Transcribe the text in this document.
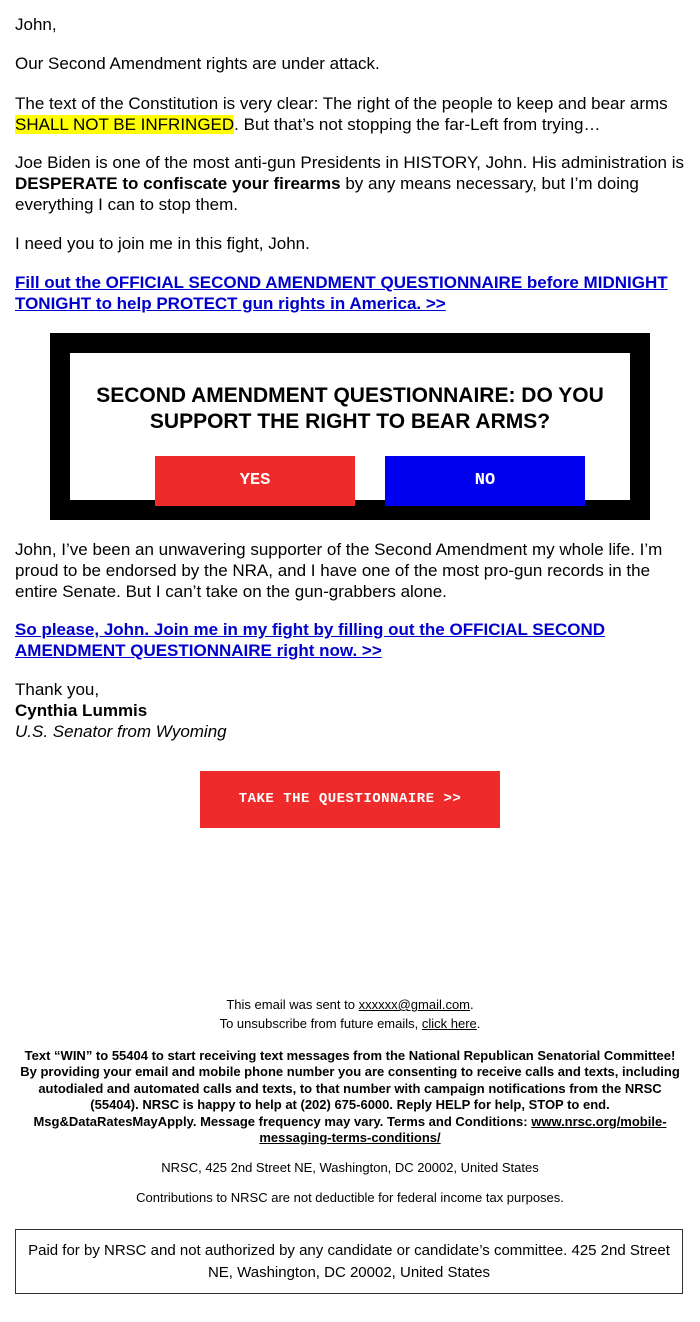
John,

Our Second Amendment rights are under attack.

The text of the Constitution is very clear: The right of the people to keep and bear arms SHALL NOT BE INFRINGED. But that’s not stopping the far-Left from trying…

Joe Biden is one of the most anti-gun Presidents in HISTORY, John. His administration is DESPERATE to confiscate your firearms by any means necessary, but I’m doing everything I can to stop them.

I need you to join me in this fight, John.

Fill out the OFFICIAL SECOND AMENDMENT QUESTIONNAIRE before MIDNIGHT TONIGHT to help PROTECT gun rights in America. >>

John, I’ve been an unwavering supporter of the Second Amendment my whole life. I’m proud to be endorsed by the NRA, and I have one of the most pro-gun records in the entire Senate. But I can’t take on the gun-grabbers alone.

So please, John. Join me in my fight by filling out the OFFICIAL SECOND AMENDMENT QUESTIONNAIRE right now. >>

Thank you,
Cynthia Lummis
U.S. Senator from Wyoming

SECOND AMENDMENT QUESTIONNAIRE: DO YOU SUPPORT THE RIGHT TO BEAR ARMS?

YES	NO
TAKE THE QUESTIONNAIRE >>

This email was sent to xxxxxx@gmail.com.

To unsubscribe from future emails, click here.

Text “WIN” to 55404 to start receiving text messages from the National Republican Senatorial Committee! By providing your email and mobile phone number you are consenting to receive calls and texts, including autodialed and automated calls and texts, to that number with campaign notifications from the NRSC (55404). NRSC is happy to help at (202) 675-6000. Reply HELP for help, STOP to end. Msg&DataRatesMayApply. Message frequency may vary. Terms and Conditions: www.nrsc.org/mobile-messaging-terms-conditions/

NRSC, 425 2nd Street NE, Washington, DC 20002, United States

Contributions to NRSC are not deductible for federal income tax purposes.

Paid for by NRSC and not authorized by any candidate or candidate’s committee. 425 2nd Street NE, Washington, DC 20002, United States
